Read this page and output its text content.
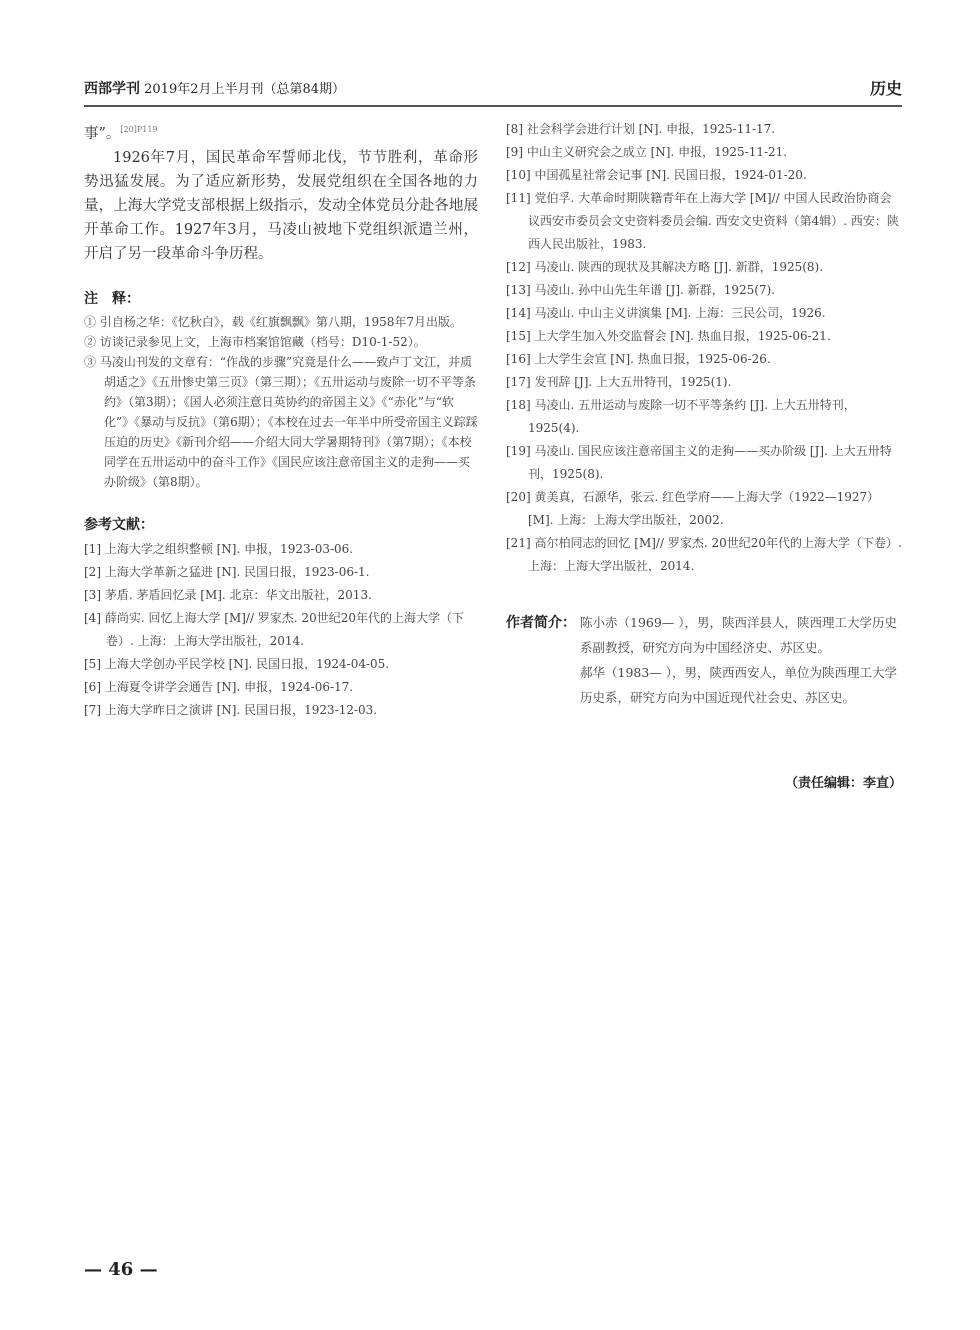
西部学刊 2019年2月上半月刊（总第84期）	历史

事”。$^{[20]P119}$

1926年7月，国民革命军誓师北伐，节节胜利，革命形势迅猛发展。为了适应新形势，发展党组织在全国各地的力量，上海大学党支部根据上级指示，发动全体党员分赴各地展开革命工作。1927年3月，马凌山被地下党组织派遣兰州，开启了另一段革命斗争历程。

注　释：

① 引自杨之华：《忆秋白》，载《红旗飘飘》第八期，1958年7月出版。

② 访谈记录参见上文，上海市档案馆馆藏（档号：D10-1-52）。

③ 马凌山刊发的文章有：“作战的步骤”究竟是什么——致卢丁文江，并质胡适之》《五卅惨史第三页》（第三期）；《五卅运动与废除一切不平等条约》（第3期）；《国人必须注意日英协约的帝国主义》《“赤化”与“软化”》《暴动与反抗》（第6期）；《本校在过去一年半中所受帝国主义踪踩压迫的历史》《新刊介绍——介绍大同大学暑期特刊》（第7期）；《本校同学在五卅运动中的奋斗工作》《国民应该注意帝国主义的走狗——买办阶级》（第8期）。

参考文献：

[1] 上海大学之组织整顿 [N]. 申报，1923-03-06.

[2] 上海大学革新之猛进 [N]. 民国日报，1923-06-1.

[3] 茅盾. 茅盾回忆录 [M]. 北京：华文出版社，2013.

[4] 薛尚实. 回忆上海大学 [M]// 罗家杰. 20世纪20年代的上海大学（下卷）. 上海：上海大学出版社，2014.

[5] 上海大学创办平民学校 [N]. 民国日报，1924-04-05.

[6] 上海夏令讲学会通告 [N]. 申报，1924-06-17.

[7] 上海大学昨日之演讲 [N]. 民国日报，1923-12-03.

[8] 社会科学会进行计划 [N]. 申报，1925-11-17.

[9] 中山主义研究会之成立 [N]. 申报，1925-11-21.

[10] 中国孤星社常会记事 [N]. 民国日报，1924-01-20.

[11] 党伯孚. 大革命时期陕籍青年在上海大学 [M]// 中国人民政治协商会议西安市委员会文史资料委员会编. 西安文史资料（第4辑）. 西安：陕西人民出版社，1983.

[12] 马凌山. 陕西的现状及其解决方略 [J]. 新群，1925(8).

[13] 马凌山. 孙中山先生年谱 [J]. 新群，1925(7).

[14] 马凌山. 中山主义讲演集 [M]. 上海：三民公司，1926.

[15] 上大学生加入外交监督会 [N]. 热血日报，1925-06-21.

[16] 上大学生会宣 [N]. 热血日报，1925-06-26.

[17] 发刊辞 [J]. 上大五卅特刊，1925(1).

[18] 马凌山. 五卅运动与废除一切不平等条约 [J]. 上大五卅特刊，1925(4).

[19] 马凌山. 国民应该注意帝国主义的走狗——买办阶级 [J]. 上大五卅特刊，1925(8).

[20] 黄美真，石源华，张云. 红色学府——上海大学（1922—1927）[M]. 上海：上海大学出版社，2002.

[21] 高尔柏同志的回忆 [M]// 罗家杰. 20世纪20年代的上海大学（下卷）. 上海：上海大学出版社，2014.

作者简介： 陈小赤（1969— ），男，陕西洋县人，陕西理工大学历史系副教授，研究方向为中国经济史、苏区史。

郝华（1983— ），男，陕西西安人，单位为陕西理工大学历史系，研究方向为中国近现代社会史、苏区史。

（责任编辑：李直）
— 46 —
